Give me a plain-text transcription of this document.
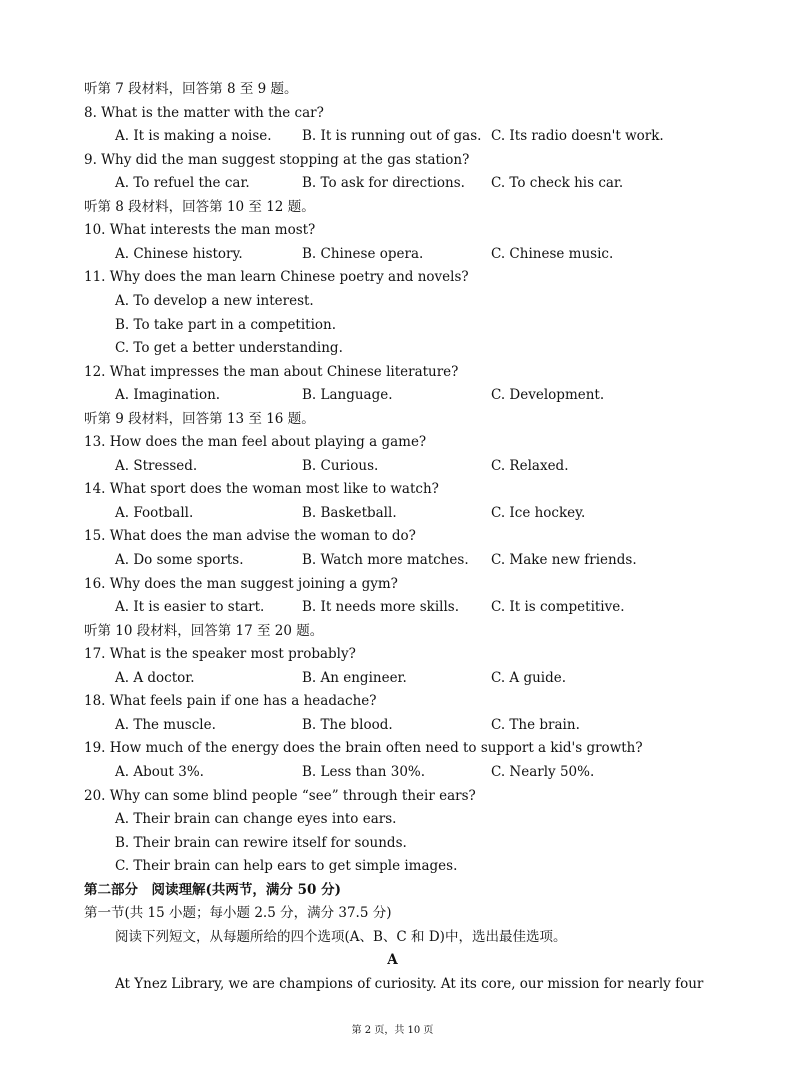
听第 7 段材料，回答第 8 至 9 题。
8. What is the matter with the car?
A. It is making a noise. B. It is running out of gas. C. Its radio doesn't work.
9. Why did the man suggest stopping at the gas station?
A. To refuel the car.	B. To ask for directions. C. To check his car.
听第 8 段材料，回答第 10 至 12 题。
10. What interests the man most?
A. Chinese history.	B. Chinese opera.	C. Chinese music.
11. Why does the man learn Chinese poetry and novels?
A. To develop a new interest.
B. To take part in a competition.
C. To get a better understanding.
12. What impresses the man about Chinese literature?
A. Imagination.	B. Language.	C. Development.
听第 9 段材料，回答第 13 至 16 题。
13. How does the man feel about playing a game?
A. Stressed.	B. Curious.	C. Relaxed.
14. What sport does the woman most like to watch?
A. Football.	B. Basketball.	C. Ice hockey.
15. What does the man advise the woman to do?
A. Do some sports.	B. Watch more matches. C. Make new friends.
16. Why does the man suggest joining a gym?
A. It is easier to start.	B. It needs more skills. C. It is competitive.
听第 10 段材料，回答第 17 至 20 题。
17. What is the speaker most probably?
A. A doctor.	B. An engineer.	C. A guide.
18. What feels pain if one has a headache?
A. The muscle.	B. The blood.	C. The brain.
19. How much of the energy does the brain often need to support a kid's growth?
A. About 3%.	B. Less than 30%.	C. Nearly 50%.
20. Why can some blind people “see” through their ears?
A. Their brain can change eyes into ears.
B. Their brain can rewire itself for sounds.
C. Their brain can help ears to get simple images.
第二部分　阅读理解(共两节，满分 50 分)
第一节(共 15 小题；每小题 2.5 分，满分 37.5 分)
阅读下列短文，从每题所给的四个选项(A、B、C 和 D)中，选出最佳选项。
A
At Ynez Library, we are champions of curiosity. At its core, our mission for nearly four
第 2 页，共 10 页
